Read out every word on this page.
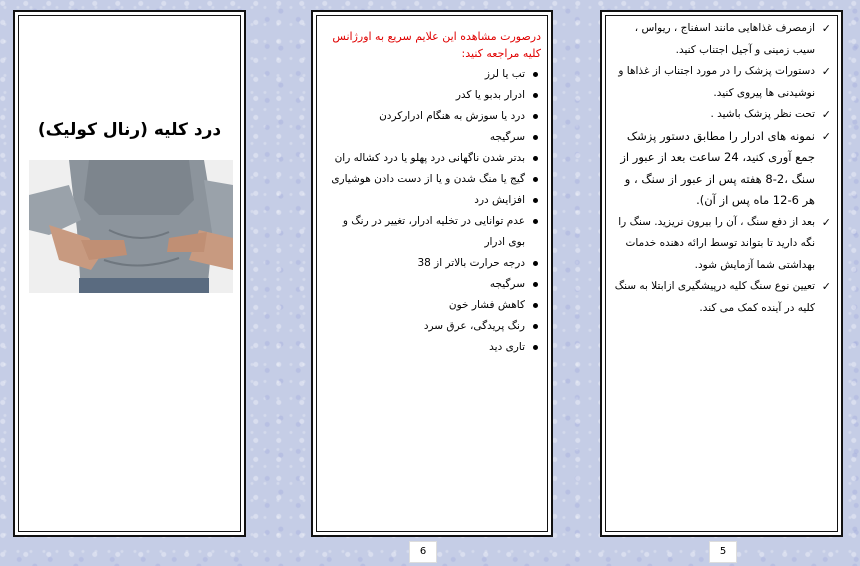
درد کلیه (رنال کولیک)
درصورت مشاهده این علایم سریع به اورژانس کلیه مراجعه کنید:
تب یا لرز
ادرار بدبو یا کدر
درد یا سوزش به هنگام ادرارکردن
سرگیجه
بدتر شدن ناگهانی درد پهلو یا درد کشاله ران
گیج یا منگ شدن و یا از دست دادن هوشیاری
افزایش درد
عدم توانایی در تخلیه ادرار، تغییر در رنگ و بوی ادرار
درجه حرارت بالاتر از 38
سرگیجه
کاهش فشار خون
رنگ پریدگی، عرق سرد
تاری دید
✓
ازمصرف غذاهایی مانند اسفناج ، ریواس ، سیب زمینی و آجیل اجتناب کنید.
✓
دستورات پزشک را در مورد اجتناب از غذاها و نوشیدنی ها پیروی کنید.
✓
تحت نظر پزشک باشید .
✓
نمونه های ادرار را مطابق دستور پزشک جمع آوری کنید، 24 ساعت بعد از عبور از سنگ ،2-8 هفته پس از عبور از سنگ ، و هر 6-12 ماه پس از آن).
✓
بعد از دفع سنگ ، آن را بیرون نریزید. سنگ را نگه دارید تا بتواند توسط ارائه دهنده خدمات بهداشتی شما آزمایش شود.
✓
تعیین نوع سنگ کلیه درپیشگیری ازابتلا به سنگ کلیه در آینده کمک می کند.
6	5
